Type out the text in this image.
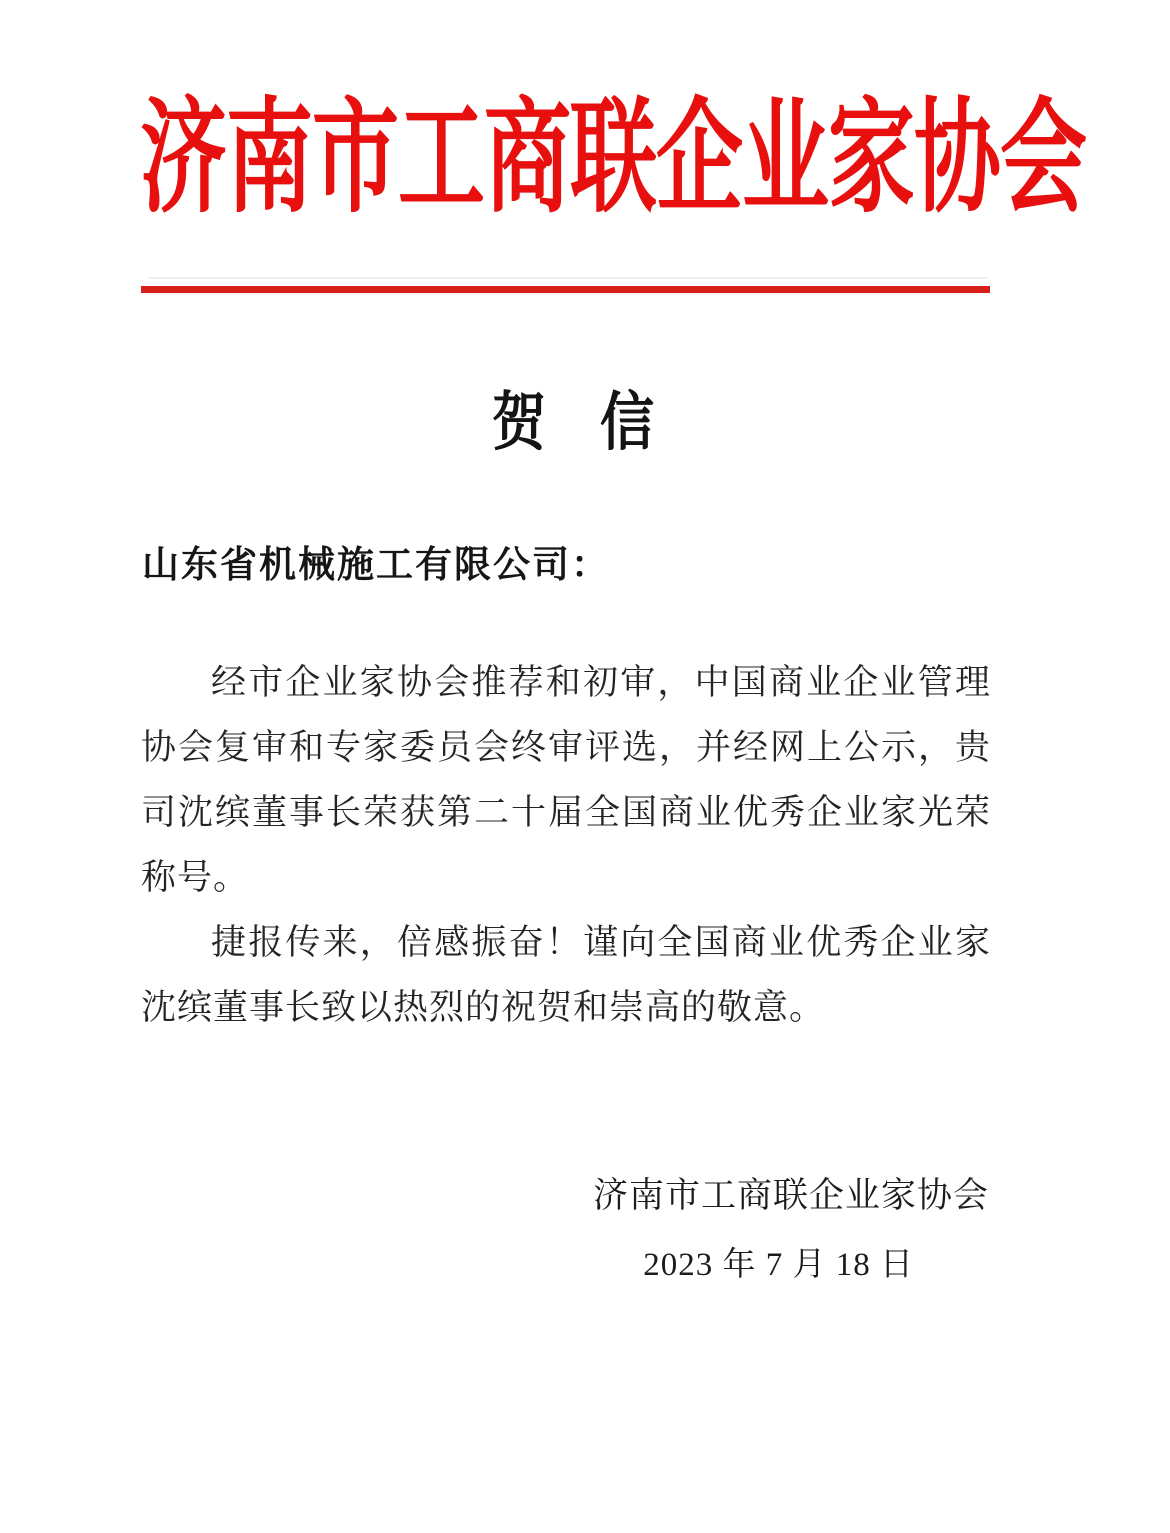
济南市工商联企业家协会
贺　信
山东省机械施工有限公司：

经市企业家协会推荐和初审，中国商业企业管理协会复审和专家委员会终审评选，并经网上公示，贵司沈缤董事长荣获第二十届全国商业优秀企业家光荣称号。

捷报传来，倍感振奋！谨向全国商业优秀企业家沈缤董事长致以热烈的祝贺和崇高的敬意。

济南市工商联企业家协会
2023 年 7 月 18 日
